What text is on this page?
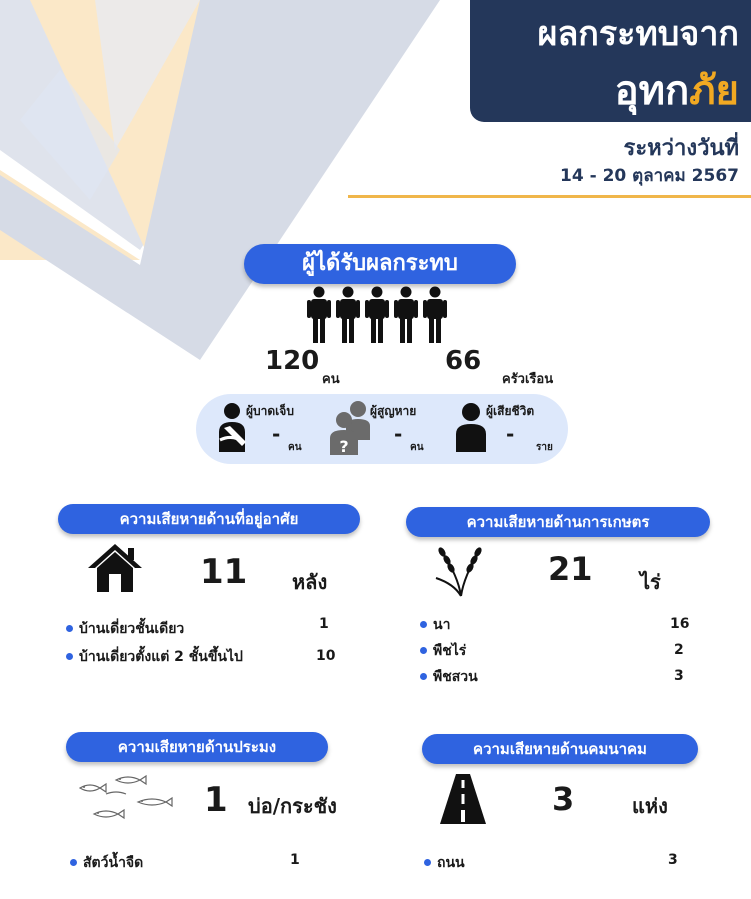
ผลกระทบจาก
อุทกภัย
ระหว่างวันที่
14 - 20 ตุลาคม 2567
ผู้ได้รับผลกระทบ
120
คน
66
ครัวเรือน
ผู้บาดเจ็บ
-
คน ?
ผู้สูญหาย
-
คน
ผู้เสียชีวิต
-
ราย
ความเสียหายด้านที่อยู่อาศัย
11 หลัง
บ้านเดี่ยวชั้นเดียว	1
บ้านเดี่ยวตั้งแต่ 2 ชั้นขึ้นไป	10
ความเสียหายด้านการเกษตร
21 ไร่
นา	16
พืชไร่	2
พืชสวน	3
ความเสียหายด้านประมง
1 บ่อ/กระชัง
สัตว์น้ำจืด	1
ความเสียหายด้านคมนาคม
3	แห่ง
ถนน	3
